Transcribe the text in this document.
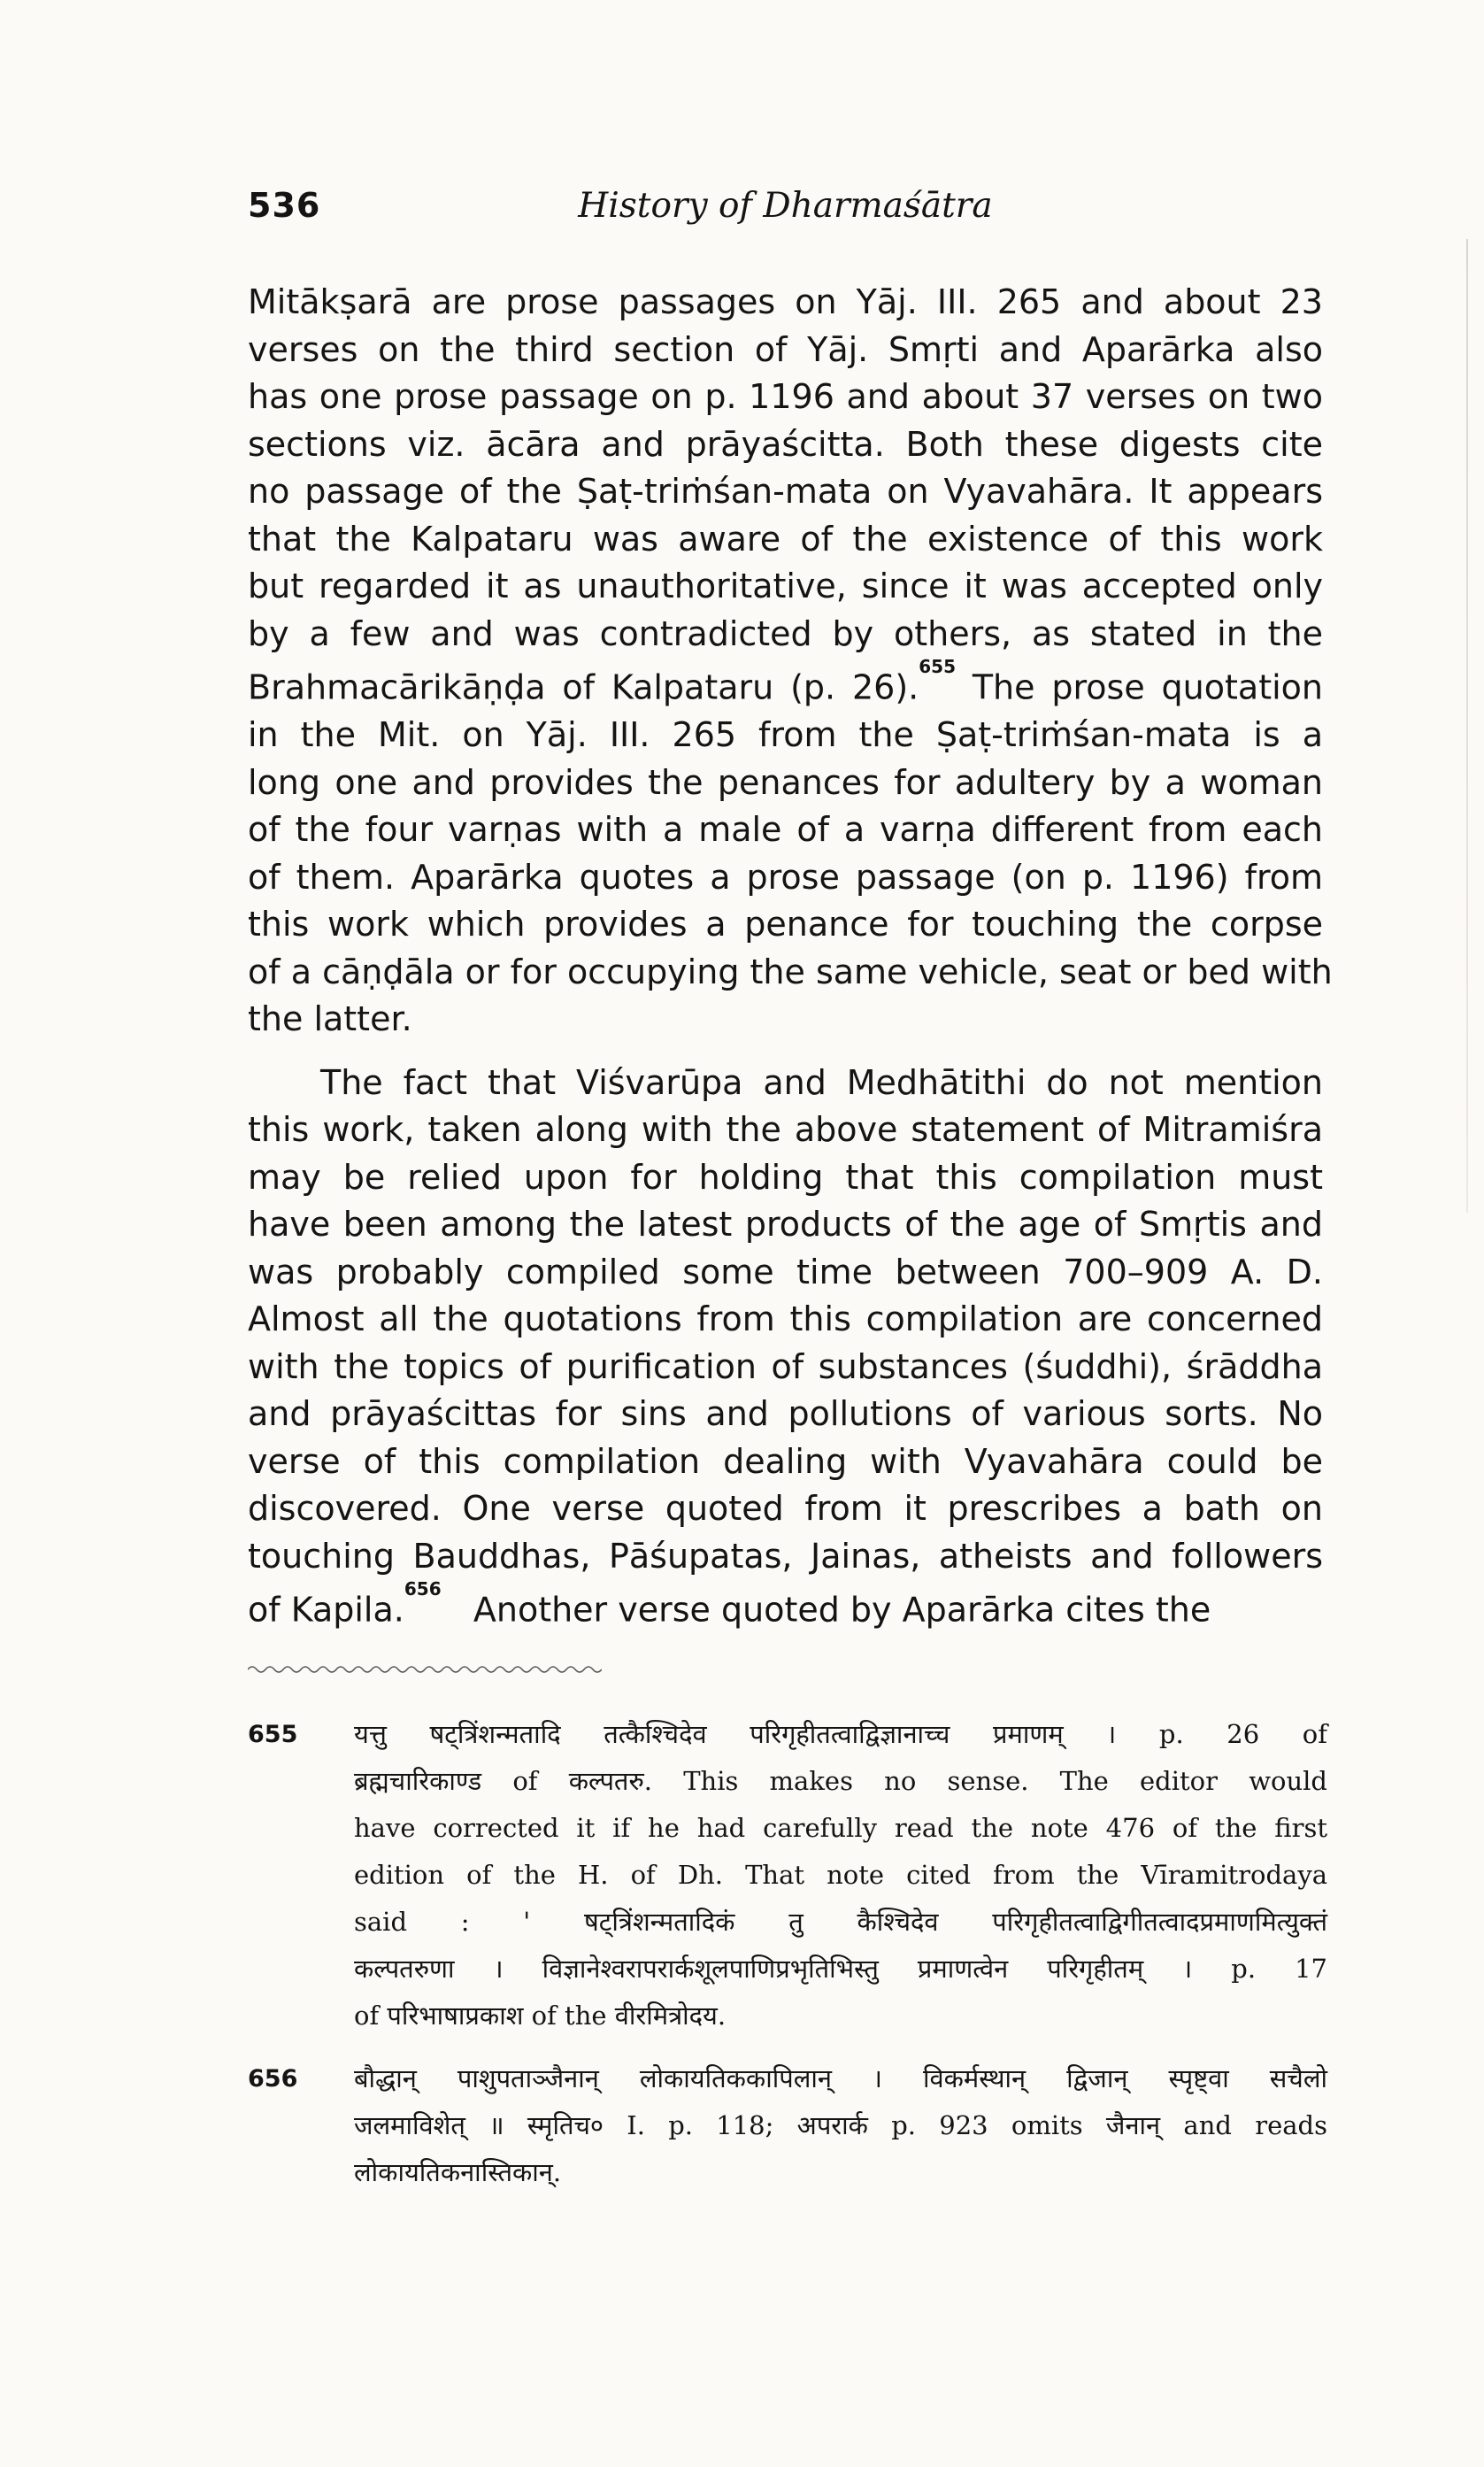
536	History of Dharmaśātra

Mitākṣarā are prose passages on Yāj. III. 265 and about 23
verses on the third section of Yāj. Smṛti and Aparārka also
has one prose passage on p. 1196 and about 37 verses on two
sections viz. ācāra and prāyaścitta. Both these digests cite
no passage of the Ṣaṭ-triṁśan-mata on Vyavahāra. It appears
that the Kalpataru was aware of the existence of this work
but regarded it as unauthoritative, since it was accepted only
by a few and was contradicted by others, as stated in the
Brahmacārikāṇḍa of Kalpataru (p. 26).$^{655}$ The prose quotation
in the Mit. on Yāj. III. 265 from the Ṣaṭ-triṁśan-mata is a
long one and provides the penances for adultery by a woman
of the four varṇas with a male of a varṇa different from each
of them. Aparārka quotes a prose passage (on p. 1196) from
this work which provides a penance for touching the corpse
of a cāṇḍāla or for occupying the same vehicle, seat or bed with
the latter.

The fact that Viśvarūpa and Medhātithi do not mention
this work, taken along with the above statement of Mitramiśra
may be relied upon for holding that this compilation must
have been among the latest products of the age of Smṛtis and
was probably compiled some time between 700–909 A. D.
Almost all the quotations from this compilation are concerned
with the topics of purification of substances (śuddhi), śrāddha
and prāyaścittas for sins and pollutions of various sorts. No
verse of this compilation dealing with Vyavahāra could be
discovered. One verse quoted from it prescribes a bath on
touching Bauddhas, Pāśupatas, Jainas, atheists and followers
of Kapila.$^{656}$   Another verse quoted by Aparārka cites the

655 यत्तु षट्त्रिंशन्मतादि तत्कैश्चिदेव परिगृहीतत्वाद्विज्ञानाच्च प्रमाणम् । p. 26 of
ब्रह्मचारिकाण्ड of कल्पतरु. This makes no sense. The editor would
have corrected it if he had carefully read the note 476 of the first
edition of the H. of Dh. That note cited from the Vīramitrodaya
said : ' षट्त्रिंशन्मतादिकं तु कैश्चिदेव परिगृहीतत्वाद्विगीतत्वादप्रमाणमित्युक्तं
कल्पतरुणा । विज्ञानेश्वरापरार्कशूलपाणिप्रभृतिभिस्तु प्रमाणत्वेन परिगृहीतम् । p. 17
of परिभाषाप्रकाश of the वीरमित्रोदय.
656 बौद्धान् पाशुपताञ्जैनान् लोकायतिककापिलान् । विकर्मस्थान् द्विजान् स्पृष्ट्वा सचैलो
जलमाविशेत् ॥ स्मृतिच० I. p. 118; अपरार्क p. 923 omits जैनान् and reads
लोकायतिकनास्तिकान्.
